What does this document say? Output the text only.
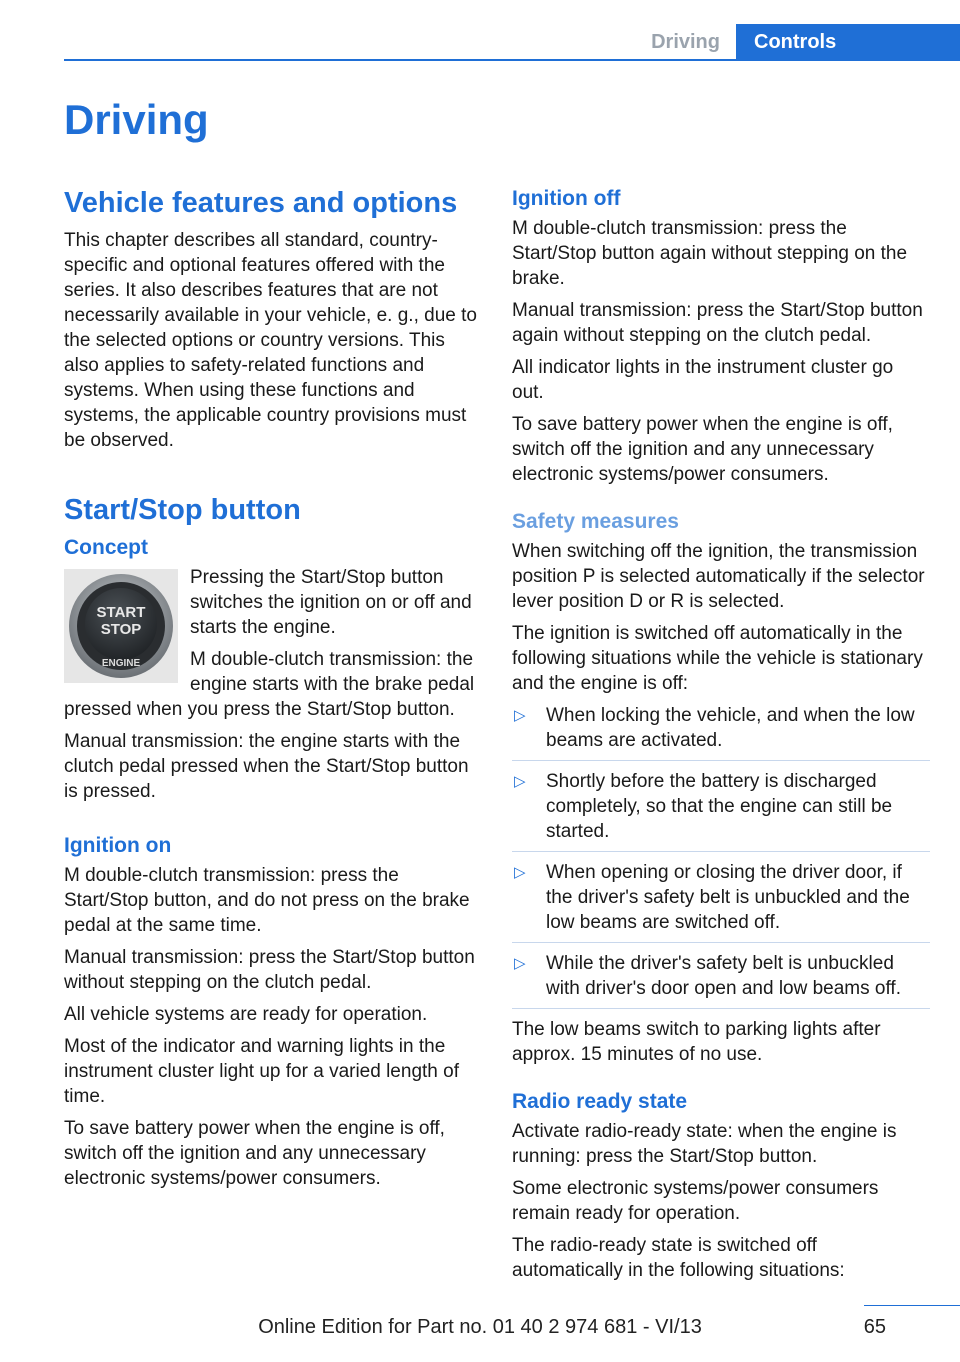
Driving	Controls
Driving
Vehicle features and options

This chapter describes all standard, country-specific and optional features offered with the series. It also describes features that are not necessarily available in your vehicle, e. g., due to the selected options or country versions. This also applies to safety-related functions and systems. When using these functions and systems, the applicable country provisions must be observed.

Start/Stop button
Concept
START
STOP
ENGINE

Pressing the Start/Stop button switches the ignition on or off and starts the engine.

M double-clutch transmission: the engine starts with the brake pedal pressed when you press the Start/Stop button.

Manual transmission: the engine starts with the clutch pedal pressed when the Start/Stop button is pressed.

Ignition on

M double-clutch transmission: press the Start/Stop button, and do not press on the brake pedal at the same time.

Manual transmission: press the Start/Stop button without stepping on the clutch pedal.

All vehicle systems are ready for operation.

Most of the indicator and warning lights in the instrument cluster light up for a varied length of time.

To save battery power when the engine is off, switch off the ignition and any unnecessary electronic systems/power consumers.

Ignition off

M double-clutch transmission: press the Start/Stop button again without stepping on the brake.

Manual transmission: press the Start/Stop button again without stepping on the clutch pedal.

All indicator lights in the instrument cluster go out.

To save battery power when the engine is off, switch off the ignition and any unnecessary electronic systems/power consumers.

Safety measures

When switching off the ignition, the transmission position P is selected automatically if the selector lever position D or R is selected.

The ignition is switched off automatically in the following situations while the vehicle is stationary and the engine is off:

▷ When locking the vehicle, and when the low beams are activated.
▷ Shortly before the battery is discharged completely, so that the engine can still be started.
▷ When opening or closing the driver door, if the driver's safety belt is unbuckled and the low beams are switched off.
▷ While the driver's safety belt is unbuckled with driver's door open and low beams off.

The low beams switch to parking lights after approx. 15 minutes of no use.

Radio ready state

Activate radio-ready state: when the engine is running: press the Start/Stop button.

Some electronic systems/power consumers remain ready for operation.

The radio-ready state is switched off automatically in the following situations:

65
Online Edition for Part no. 01 40 2 974 681 - VI/13
